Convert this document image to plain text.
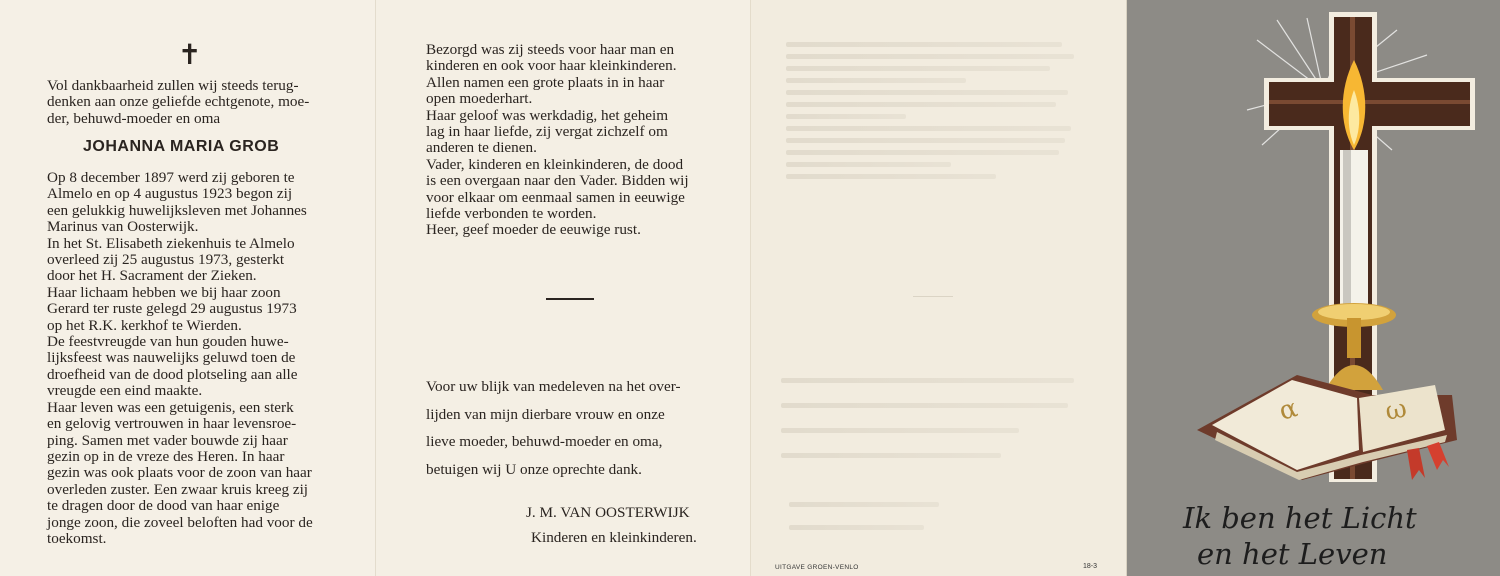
✝

Vol dankbaarheid zullen wij steeds terug-

denken aan onze geliefde echtgenote, moe-

der, behuwd-moeder en oma

JOHANNA MARIA GROB

Op 8 december 1897 werd zij geboren te

Almelo en op 4 augustus 1923 begon zij

een gelukkig huwelijksleven met Johannes

Marinus van Oosterwijk.

In het St. Elisabeth ziekenhuis te Almelo

overleed zij 25 augustus 1973, gesterkt

door het H. Sacrament der Zieken.

Haar lichaam hebben we bij haar zoon

Gerard ter ruste gelegd 29 augustus 1973

op het R.K. kerkhof te Wierden.

De feestvreugde van hun gouden huwe-

lijksfeest was nauwelijks geluwd toen de

droefheid van de dood plotseling aan alle

vreugde een eind maakte.

Haar leven was een getuigenis, een sterk

en gelovig vertrouwen in haar levensroe-

ping. Samen met vader bouwde zij haar

gezin op in de vreze des Heren. In haar

gezin was ook plaats voor de zoon van haar

overleden zuster. Een zwaar kruis kreeg zij

te dragen door de dood van haar enige

jonge zoon, die zoveel beloften had voor de

toekomst.

Bezorgd was zij steeds voor haar man en

kinderen en ook voor haar kleinkinderen.

Allen namen een grote plaats in in haar

open moederhart.

Haar geloof was werkdadig, het geheim

lag in haar liefde, zij vergat zichzelf om

anderen te dienen.

Vader, kinderen en kleinkinderen, de dood

is een overgaan naar den Vader. Bidden wij

voor elkaar om eenmaal samen in eeuwige

liefde verbonden te worden.

Heer, geef moeder de eeuwige rust.

Voor uw blijk van medeleven na het over-

lijden van mijn dierbare vrouw en onze

lieve moeder, behuwd-moeder en oma,

betuigen wij U onze oprechte dank.

J. M. VAN OOSTERWIJK
Kinderen en kleinkinderen.
UITGAVE GROEN-VENLO	18-3
α	ω
Ik ben het Licht
en het Leven
